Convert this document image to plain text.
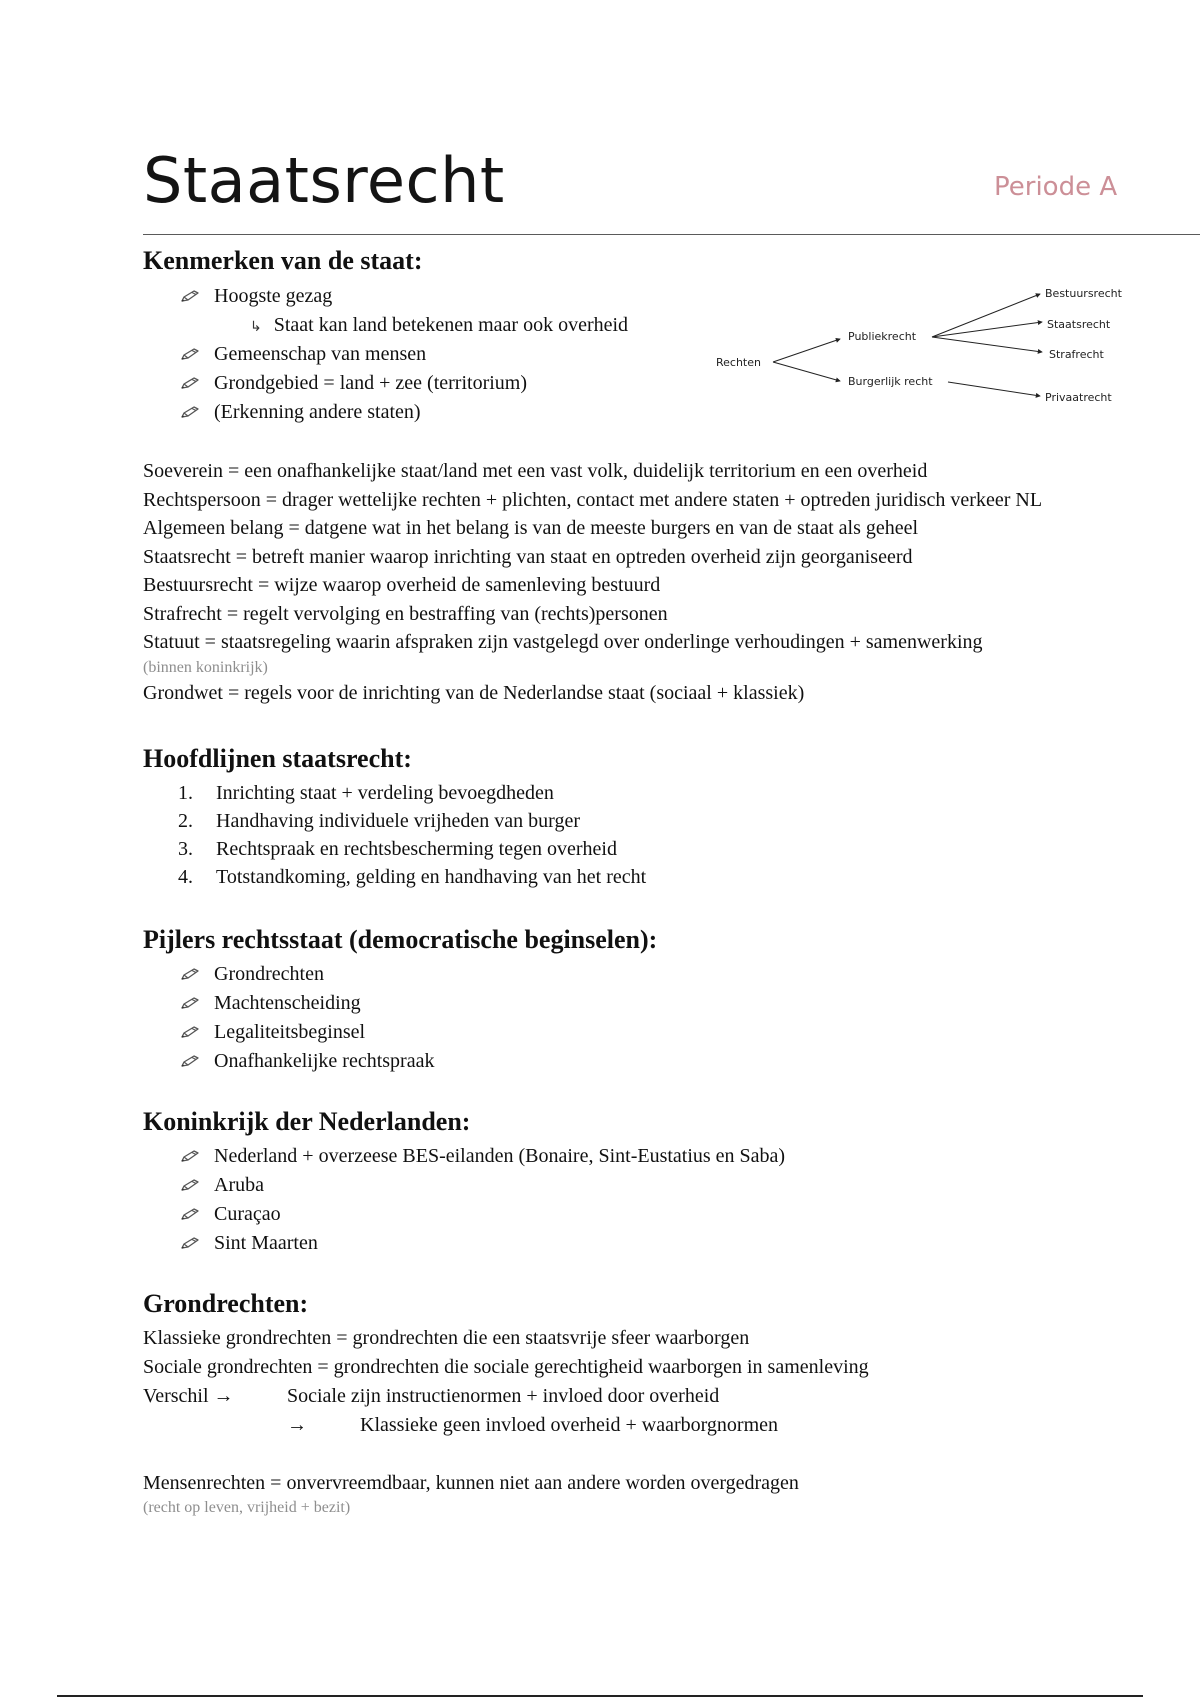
Staatsrecht	Periode A
Kenmerken van de staat:
Hoogste gezag
↳ Staat kan land betekenen maar ook overheid
Gemeenschap van mensen
Grondgebied = land + zee (territorium)
(Erkenning andere staten)
Rechten
Publiekrecht
Burgerlijk recht
Bestuursrecht
Staatsrecht
Strafrecht
Privaatrecht
Soeverein = een onafhankelijke staat/land met een vast volk, duidelijk territorium en een overheid
Rechtspersoon = drager wettelijke rechten + plichten, contact met andere staten + optreden juridisch verkeer NL
Algemeen belang = datgene wat in het belang is van de meeste burgers en van de staat als geheel
Staatsrecht = betreft manier waarop inrichting van staat en optreden overheid zijn georganiseerd
Bestuursrecht = wijze waarop overheid de samenleving bestuurd
Strafrecht = regelt vervolging en bestraffing van (rechts)personen
Statuut = staatsregeling waarin afspraken zijn vastgelegd over onderlinge verhoudingen + samenwerking
(binnen koninkrijk)
Grondwet = regels voor de inrichting van de Nederlandse staat (sociaal + klassiek)
Hoofdlijnen staatsrecht:
1. Inrichting staat + verdeling bevoegdheden
2. Handhaving individuele vrijheden van burger
3. Rechtspraak en rechtsbescherming tegen overheid
4. Totstandkoming, gelding en handhaving van het recht
Pijlers rechtsstaat (democratische beginselen):
Grondrechten
Machtenscheiding
Legaliteitsbeginsel
Onafhankelijke rechtspraak
Koninkrijk der Nederlanden:
Nederland + overzeese BES-eilanden (Bonaire, Sint-Eustatius en Saba)
Aruba
Curaçao
Sint Maarten
Grondrechten:
Klassieke grondrechten = grondrechten die een staatsvrije sfeer waarborgen
Sociale grondrechten = grondrechten die sociale gerechtigheid waarborgen in samenleving
Verschil →	Sociale zijn instructienormen + invloed door overheid
→	Klassieke geen invloed overheid + waarborgnormen
Mensenrechten = onvervreemdbaar, kunnen niet aan andere worden overgedragen
(recht op leven, vrijheid + bezit)
